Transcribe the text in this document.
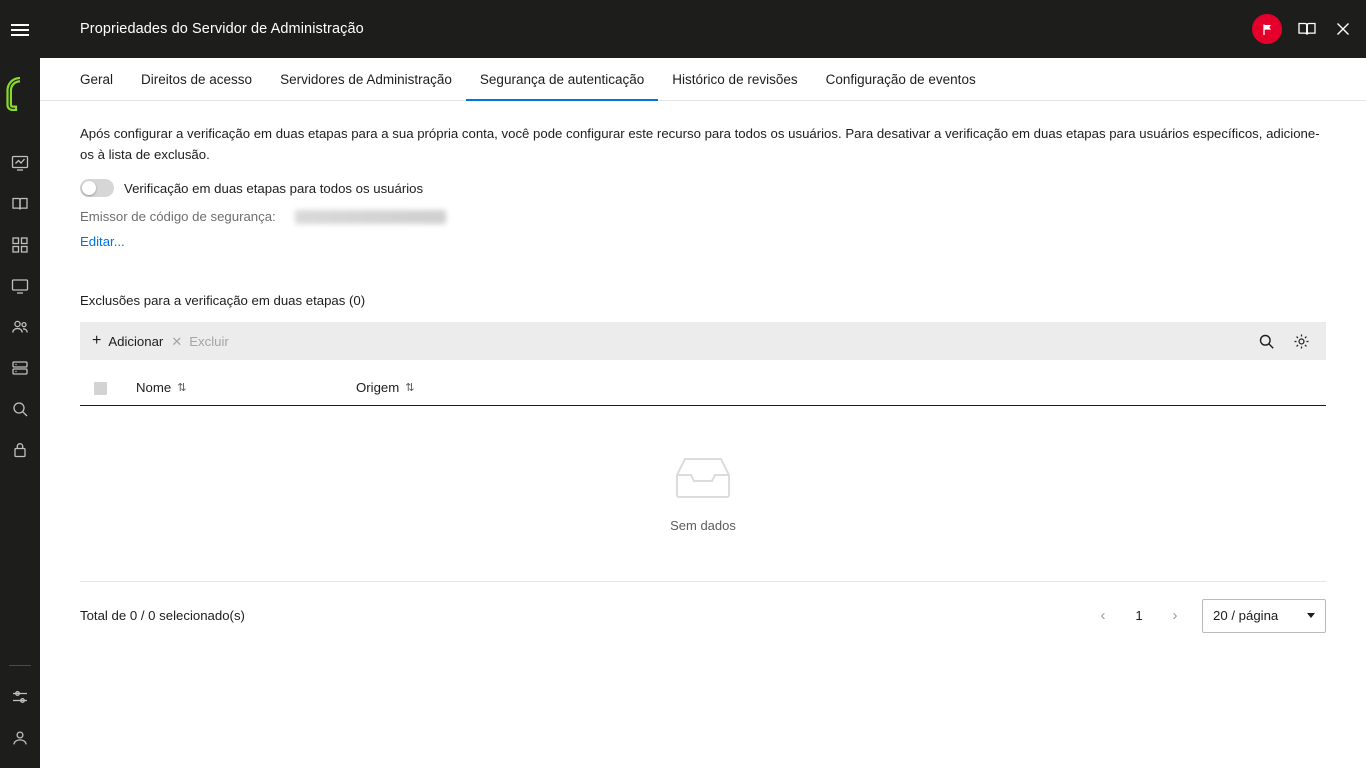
Propriedades do Servidor de Administração
Geral Direitos de acesso Servidores de Administração Segurança de autenticação Histórico de revisões Configuração de eventos
Após configurar a verificação em duas etapas para a sua própria conta, você pode configurar este recurso para todos os usuários. Para desativar a verificação em duas etapas para usuários específicos, adicione-os à lista de exclusão.
Verificação em duas etapas para todos os usuários
Emissor de código de segurança:
Editar...
Exclusões para a verificação em duas etapas (0)
+ Adicionar ✕ Excluir
Nome ⇅	Origem ⇅
Sem dados
Total de 0 / 0 selecionado(s)	‹	1	›	20 / página
